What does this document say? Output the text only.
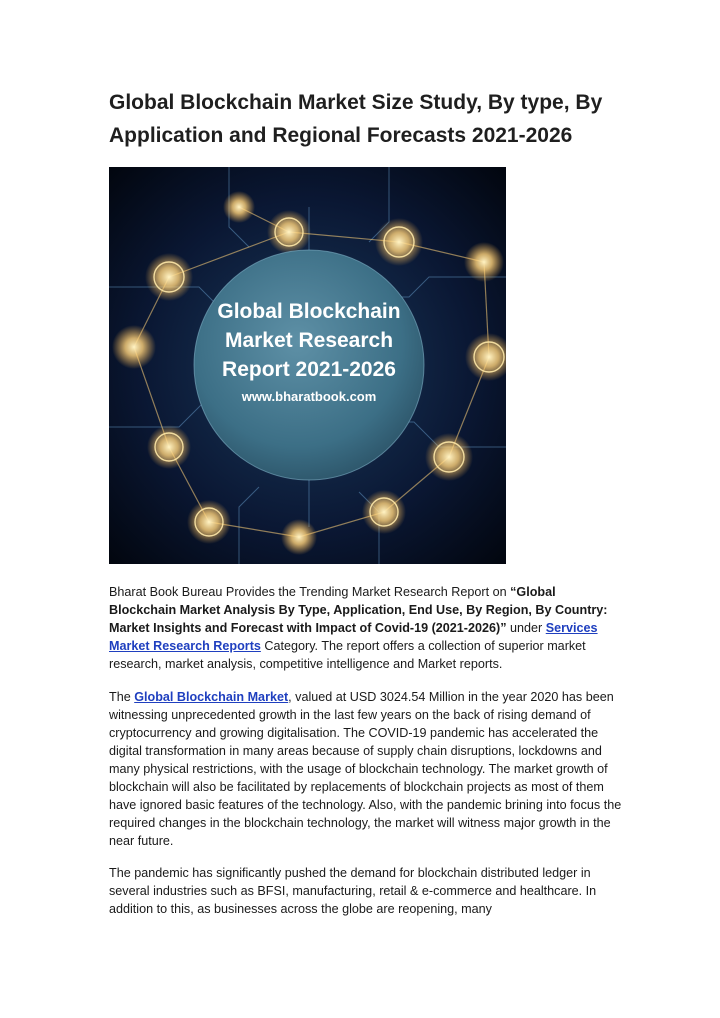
Global Blockchain Market Size Study, By type, By Application and Regional Forecasts 2021-2026
Global Blockchain
Market Research
Report 2021-2026
www.bharatbook.com

Bharat Book Bureau Provides the Trending Market Research Report on “Global Blockchain Market Analysis By Type, Application, End Use, By Region, By Country: Market Insights and Forecast with Impact of Covid-19 (2021-2026)” under Services Market Research Reports Category. The report offers a collection of superior market research, market analysis, competitive intelligence and Market reports.

The Global Blockchain Market, valued at USD 3024.54 Million in the year 2020 has been witnessing unprecedented growth in the last few years on the back of rising demand of cryptocurrency and growing digitalisation. The COVID-19 pandemic has accelerated the digital transformation in many areas because of supply chain disruptions, lockdowns and many physical restrictions, with the usage of blockchain technology. The market growth of blockchain will also be facilitated by replacements of blockchain projects as most of them have ignored basic features of the technology. Also, with the pandemic brining into focus the required changes in the blockchain technology, the market will witness major growth in the near future.

The pandemic has significantly pushed the demand for blockchain distributed ledger in several industries such as BFSI, manufacturing, retail & e-commerce and healthcare. In addition to this, as businesses across the globe are reopening, many
